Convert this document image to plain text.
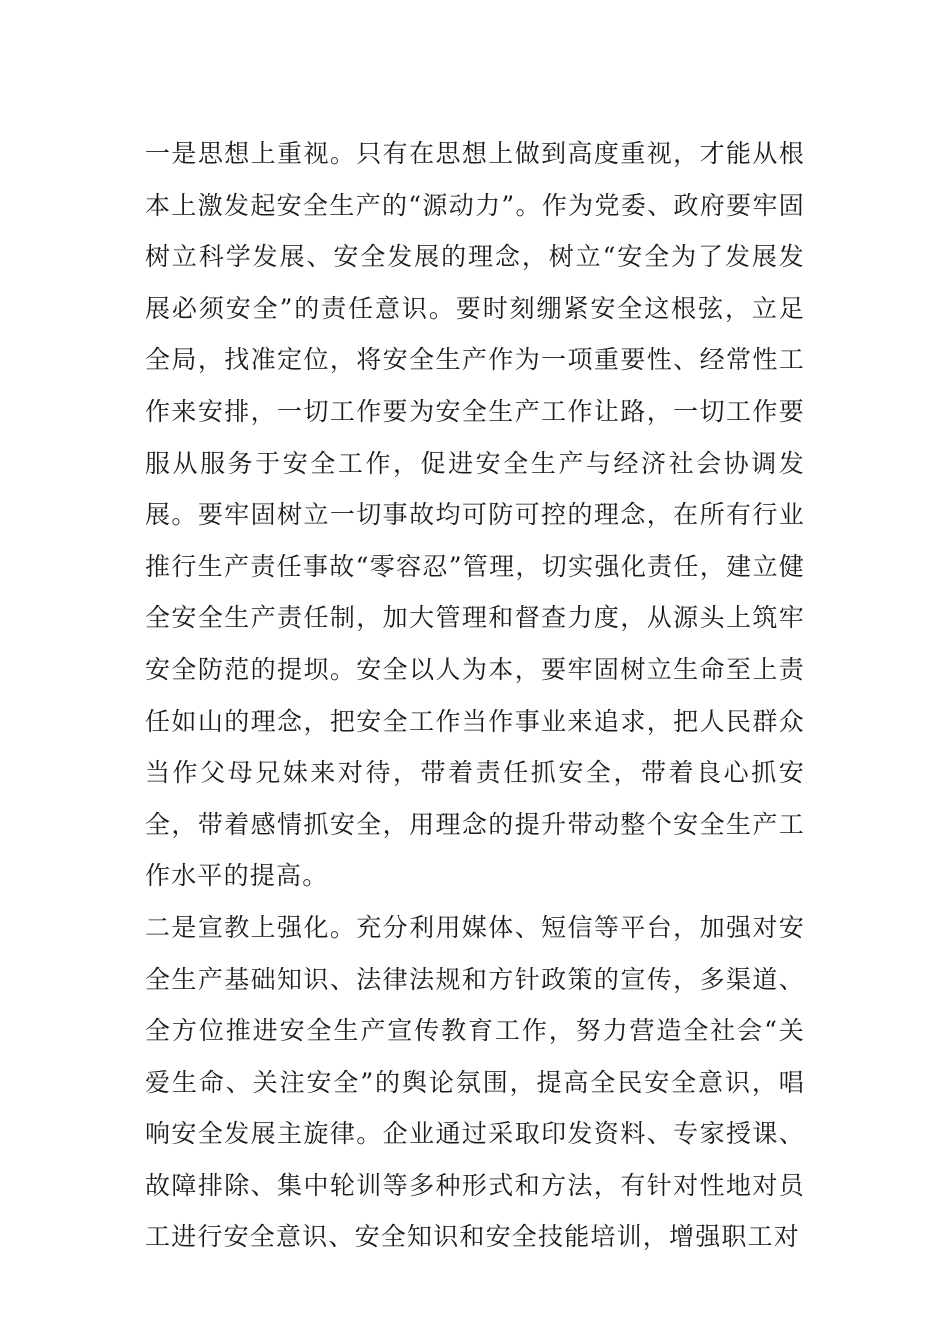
一是思想上重视。只有在思想上做到高度重视，才能从根本上激发起安全生产的“源动力”。作为党委、政府要牢固树立科学发展、安全发展的理念，树立“安全为了发展发展必须安全”的责任意识。要时刻绷紧安全这根弦，立足全局，找准定位，将安全生产作为一项重要性、经常性工作来安排，一切工作要为安全生产工作让路，一切工作要服从服务于安全工作，促进安全生产与经济社会协调发展。要牢固树立一切事故均可防可控的理念，在所有行业推行生产责任事故“零容忍”管理，切实强化责任，建立健全安全生产责任制，加大管理和督查力度，从源头上筑牢安全防范的提坝。安全以人为本，要牢固树立生命至上责任如山的理念，把安全工作当作事业来追求，把人民群众当作父母兄妹来对待，带着责任抓安全，带着良心抓安全，带着感情抓安全，用理念的提升带动整个安全生产工作水平的提高。

二是宣教上强化。充分利用媒体、短信等平台，加强对安全生产基础知识、法律法规和方针政策的宣传，多渠道、全方位推进安全生产宣传教育工作，努力营造全社会“关爱生命、关注安全”的舆论氛围，提高全民安全意识，唱响安全发展主旋律。企业通过采取印发资料、专家授课、故障排除、集中轮训等多种形式和方法，有针对性地对员工进行安全意识、安全知识和安全技能培训，增强职工对
